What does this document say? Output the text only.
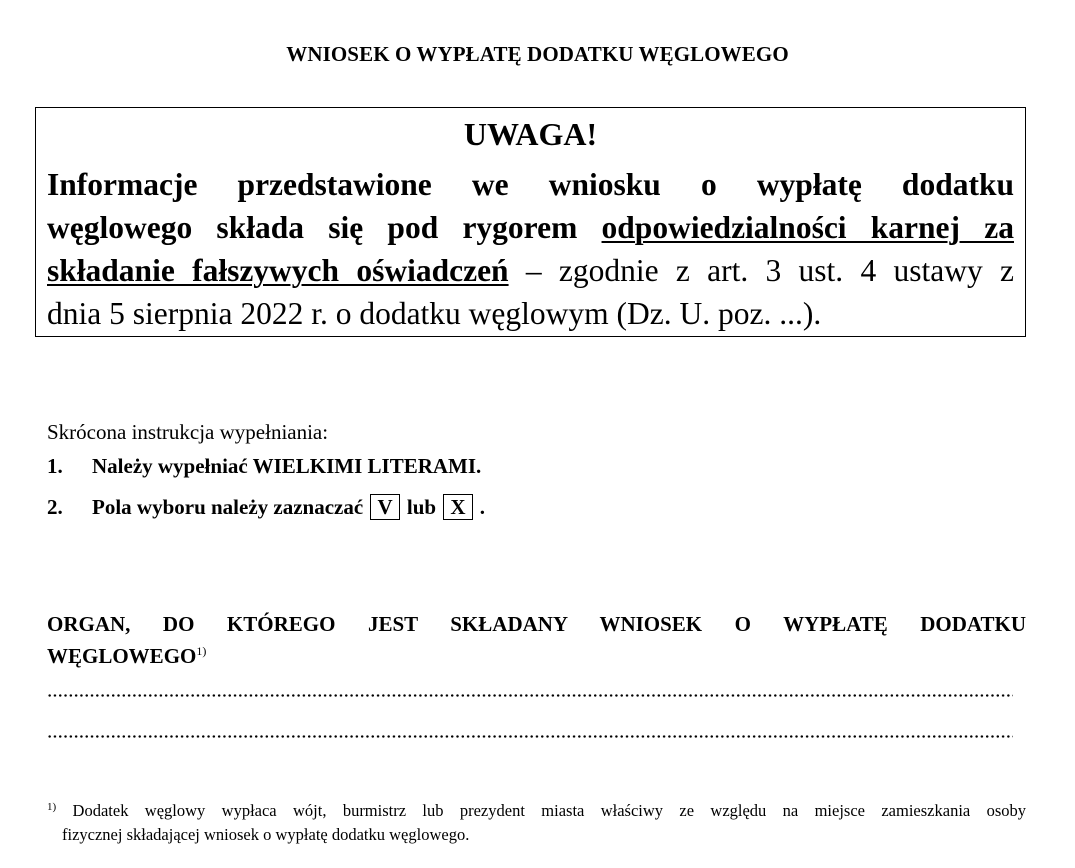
WNIOSEK O WYPŁATĘ DODATKU WĘGLOWEGO
UWAGA!
Informacje przedstawione we wniosku o wypłatę dodatku
węglowego składa się pod rygorem odpowiedzialności karnej za
składanie fałszywych oświadczeń – zgodnie z art. 3 ust. 4 ustawy z
dnia 5 sierpnia 2022 r. o dodatku węglowym (Dz. U. poz. ...).
Skrócona instrukcja wypełniania:
1. Należy wypełniać WIELKIMI LITERAMI.
2. Pola wyboru należy zaznaczać V lub X .
ORGAN, DO KTÓREGO JEST SKŁADANY WNIOSEK O WYPŁATĘ DODATKU
WĘGLOWEGO$^{1)}$
$^{1)}$ Dodatek węglowy wypłaca wójt, burmistrz lub prezydent miasta właściwy ze względu na miejsce zamieszkania osoby
fizycznej składającej wniosek o wypłatę dodatku węglowego.
